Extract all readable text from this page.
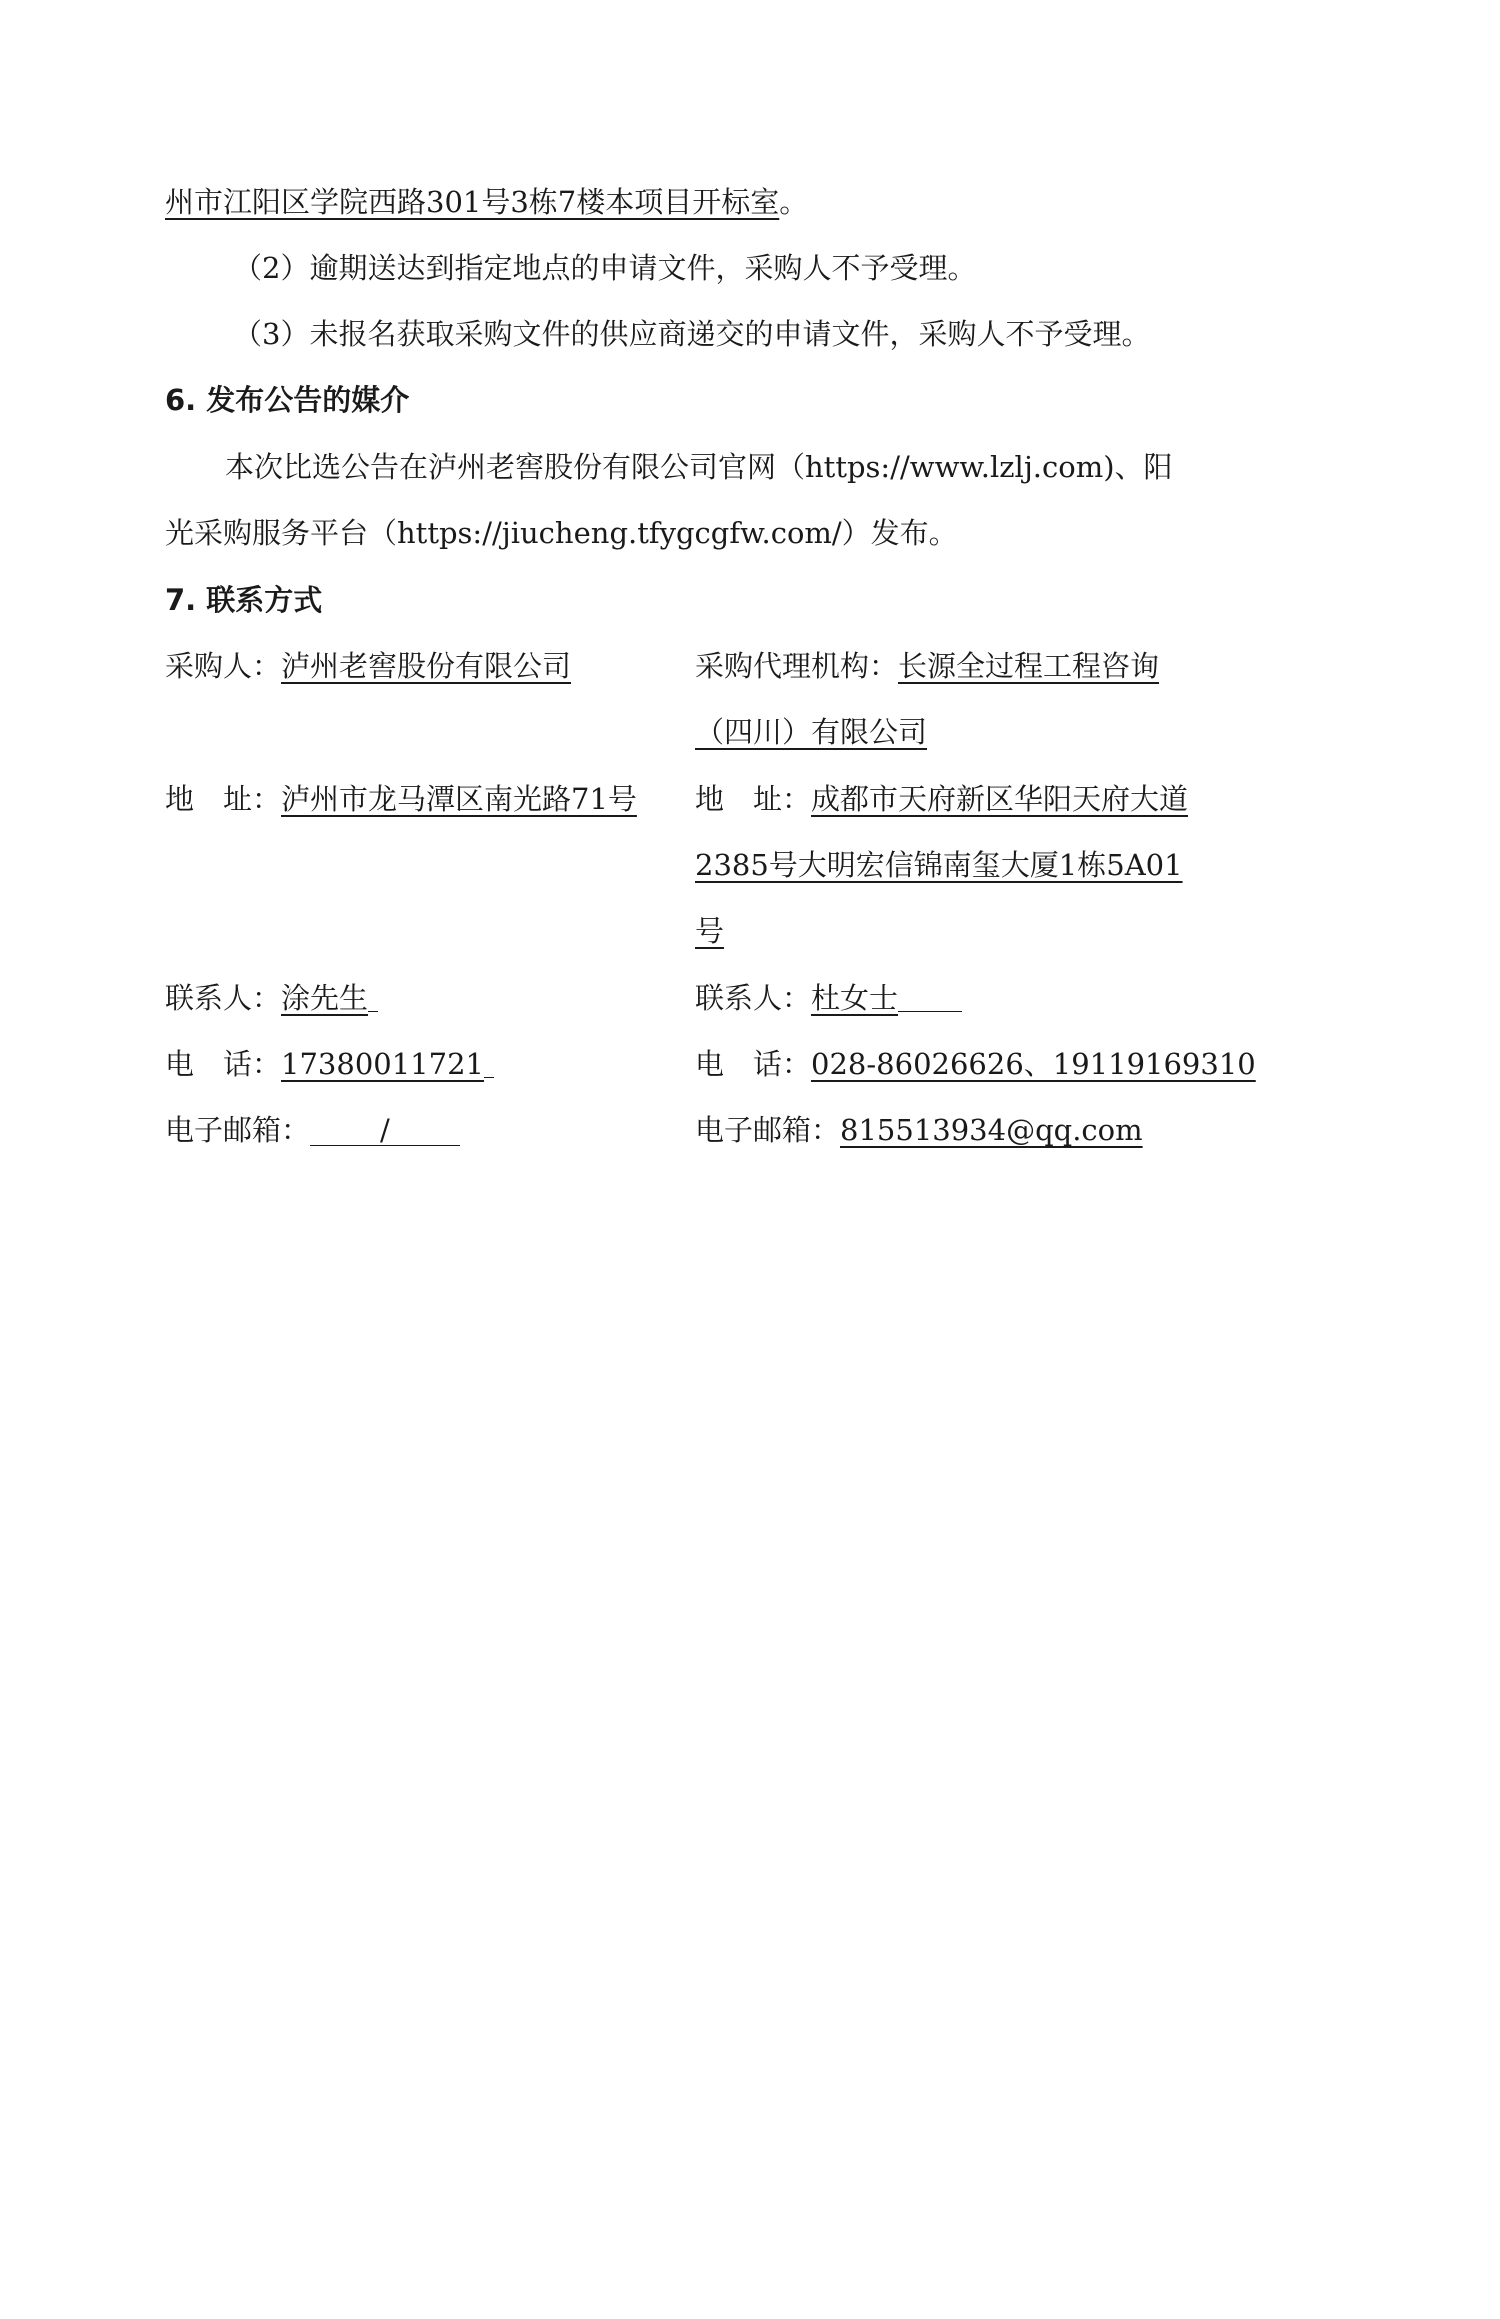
州市江阳区学院西路301号3栋7楼本项目开标室。
（2）逾期送达到指定地点的申请文件，采购人不予受理。
（3）未报名获取采购文件的供应商递交的申请文件，采购人不予受理。
6. 发布公告的媒介
本次比选公告在泸州老窖股份有限公司官网（https://www.lzlj.com)、阳
光采购服务平台（https://jiucheng.tfygcgfw.com/）发布。
7. 联系方式
采购人：泸州老窖股份有限公司
地　址：泸州市龙马潭区南光路71号
联系人：涂先生
电　话：17380011721
电子邮箱： /
采购代理机构：长源全过程工程咨询
（四川）有限公司
地　址：成都市天府新区华阳天府大道
2385号大明宏信锦南玺大厦1栋5A01
号
联系人：杜女士
电　话：028-86026626、19119169310
电子邮箱：815513934@qq.com
